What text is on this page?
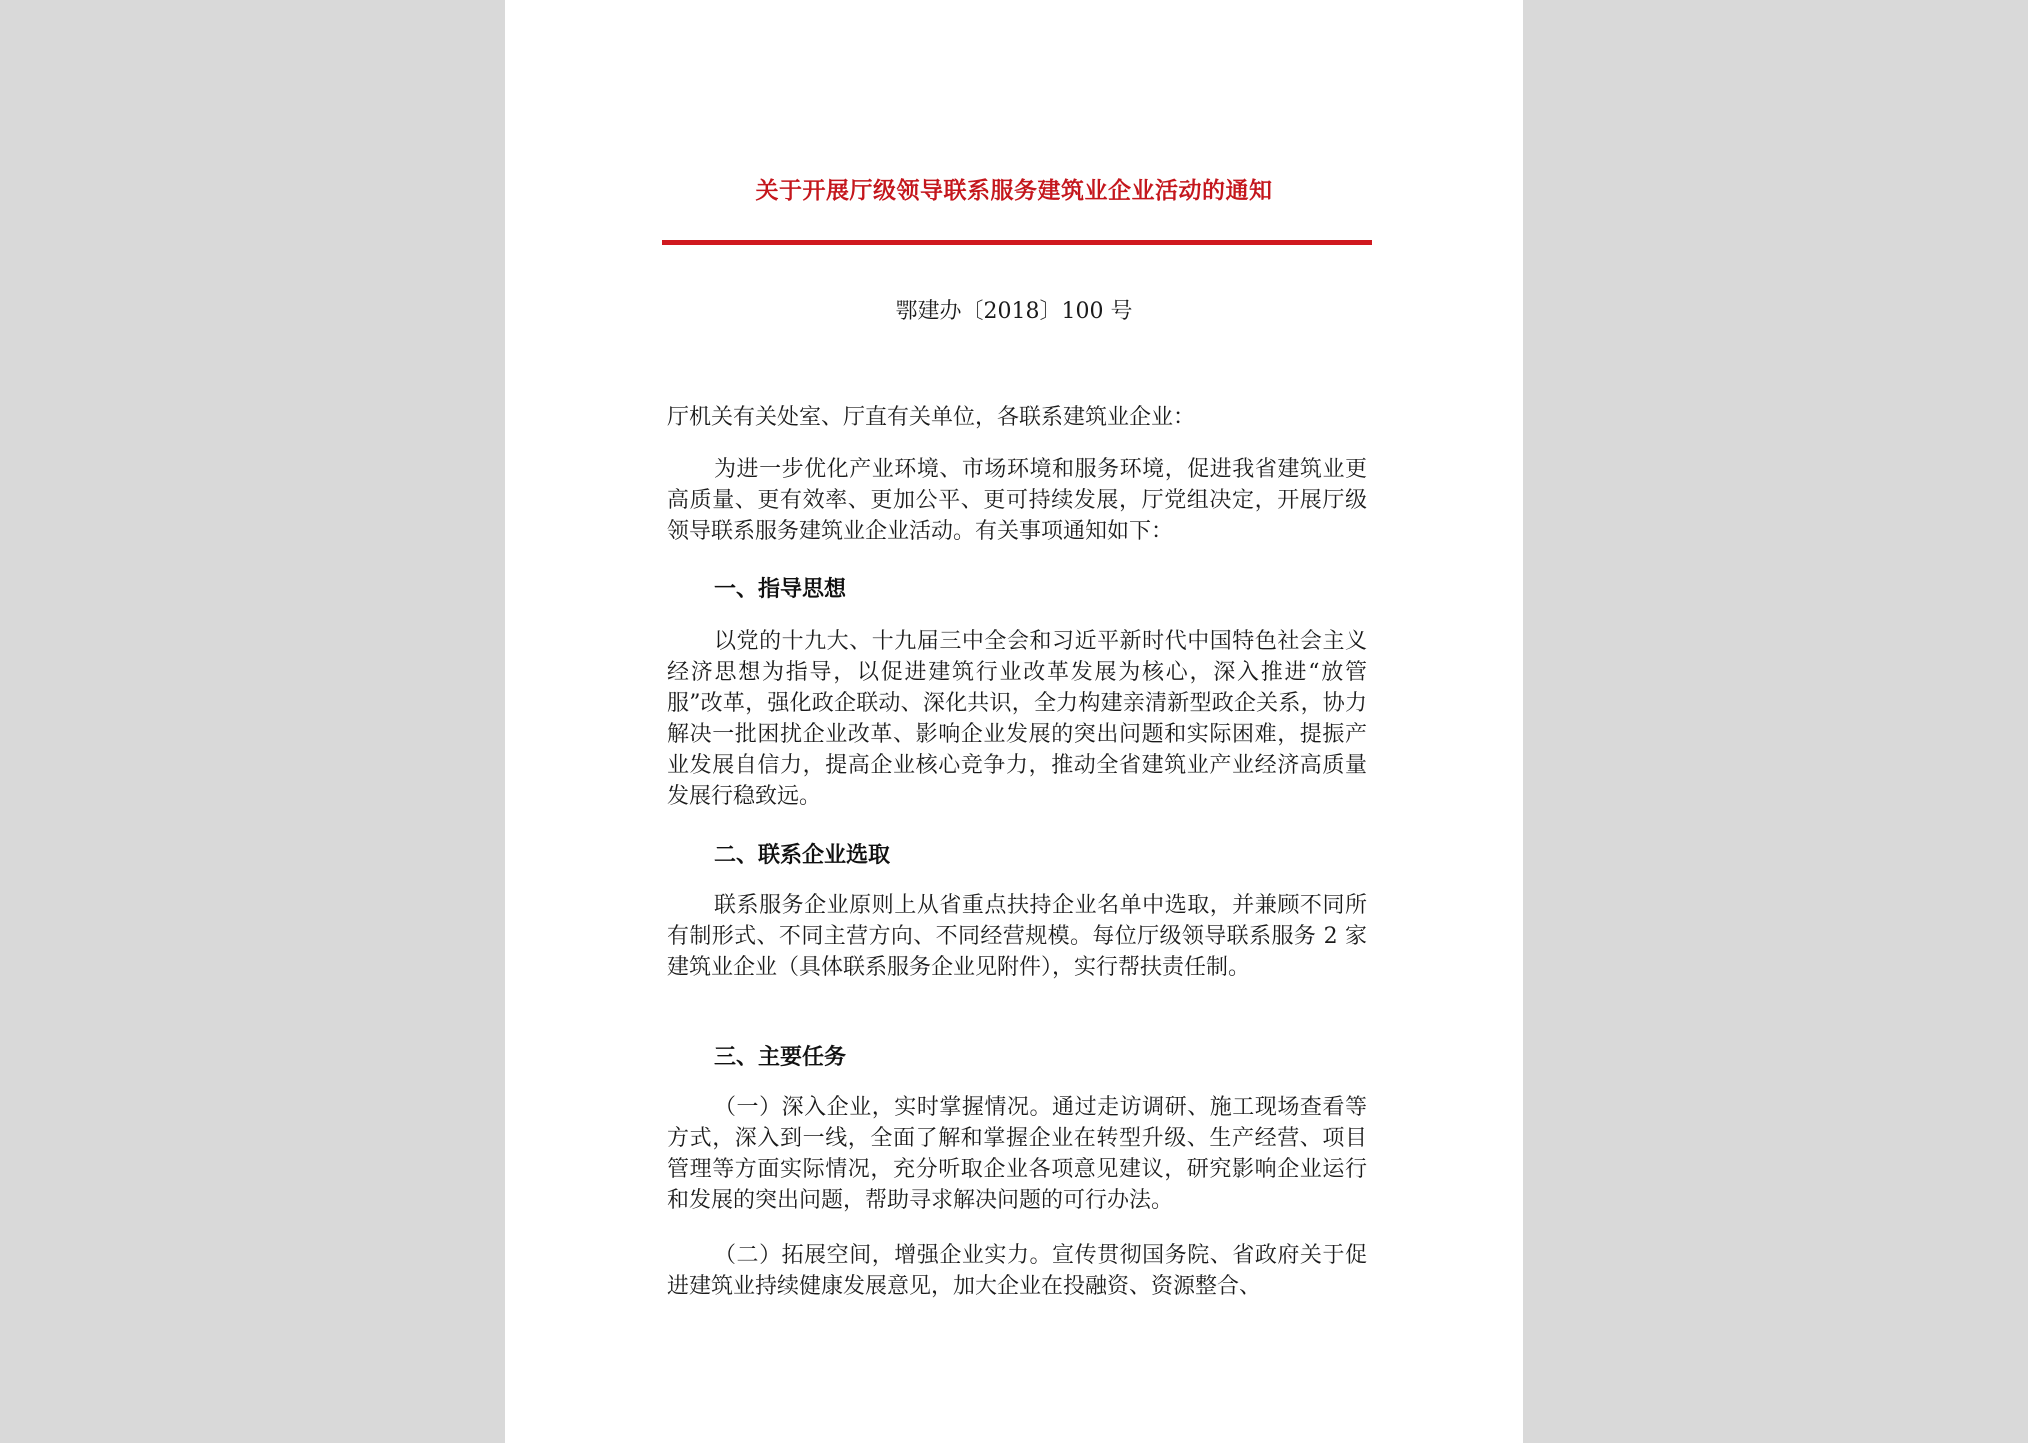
关于开展厅级领导联系服务建筑业企业活动的通知
鄂建办〔2018〕100 号
厅机关有关处室、厅直有关单位，各联系建筑业企业：
为进一步优化产业环境、市场环境和服务环境，促进我省建筑业更高质量、更有效率、更加公平、更可持续发展，厅党组决定，开展厅级领导联系服务建筑业企业活动。有关事项通知如下：
一、指导思想
以党的十九大、十九届三中全会和习近平新时代中国特色社会主义经济思想为指导，以促进建筑行业改革发展为核心，深入推进“放管服”改革，强化政企联动、深化共识，全力构建亲清新型政企关系，协力解决一批困扰企业改革、影响企业发展的突出问题和实际困难，提振产业发展自信力，提高企业核心竞争力，推动全省建筑业产业经济高质量发展行稳致远。
二、联系企业选取
联系服务企业原则上从省重点扶持企业名单中选取，并兼顾不同所有制形式、不同主营方向、不同经营规模。每位厅级领导联系服务 2 家建筑业企业（具体联系服务企业见附件），实行帮扶责任制。
三、主要任务
（一）深入企业，实时掌握情况。通过走访调研、施工现场查看等方式，深入到一线，全面了解和掌握企业在转型升级、生产经营、项目管理等方面实际情况，充分听取企业各项意见建议，研究影响企业运行和发展的突出问题，帮助寻求解决问题的可行办法。
（二）拓展空间，增强企业实力。宣传贯彻国务院、省政府关于促进建筑业持续健康发展意见，加大企业在投融资、资源整合、
